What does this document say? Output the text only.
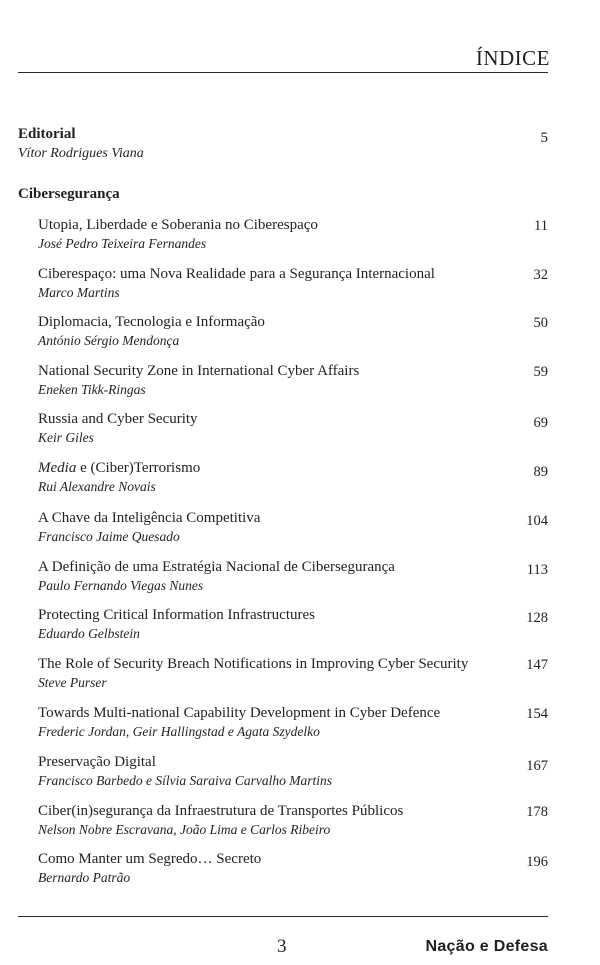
ÍNDICE
Editorial
Vítor Rodrigues Viana
5
Cibersegurança
Utopia, Liberdade e Soberania no Ciberespaço
José Pedro Teixeira Fernandes
11
Ciberespaço: uma Nova Realidade para a Segurança Internacional
Marco Martins
32
Diplomacia, Tecnologia e Informação
António Sérgio Mendonça
50
National Security Zone in International Cyber Affairs
Eneken Tikk-Ringas
59
Russia and Cyber Security
Keir Giles
69
Media e (Ciber)Terrorismo
Rui Alexandre Novais
89
A Chave da Inteligência Competitiva
Francisco Jaime Quesado
104
A Definição de uma Estratégia Nacional de Cibersegurança
Paulo Fernando Viegas Nunes
113
Protecting Critical Information Infrastructures
Eduardo Gelbstein
128
The Role of Security Breach Notifications in Improving Cyber Security
Steve Purser
147
Towards Multi-national Capability Development in Cyber Defence
Frederic Jordan, Geir Hallingstad e Agata Szydelko
154
Preservação Digital
Francisco Barbedo e Sílvia Saraiva Carvalho Martins
167
Ciber(in)segurança da Infraestrutura de Transportes Públicos
Nelson Nobre Escravana, João Lima e Carlos Ribeiro
178
Como Manter um Segredo… Secreto
Bernardo Patrão
196
3	Nação e Defesa
